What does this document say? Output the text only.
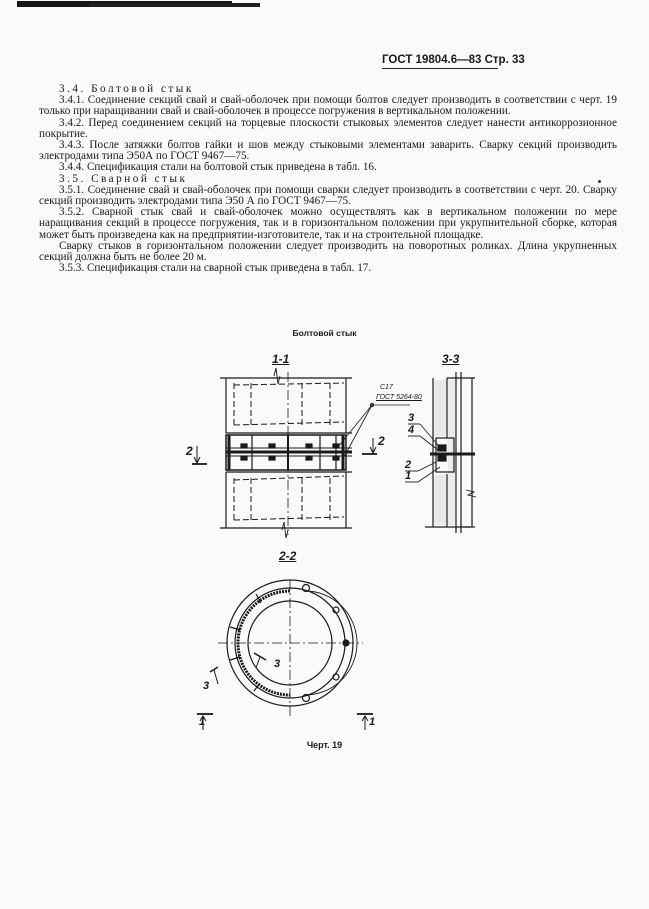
ГОСТ 19804.6—83 Стр. 33

3.4. Болтовой стык

3.4.1. Соединение секций свай и свай-оболочек при помощи болтов следует производить в соответствии с черт. 19 только при наращивании свай и свай-оболочек в процессе погружения в вертикальном положении.

3.4.2. Перед соединением секций на торцевые плоскости стыковых элементов следует нанести антикоррозионное покрытие.

3.4.3. После затяжки болтов гайки и шов между стыковыми элементами заварить. Сварку секций производить электродами типа Э50А по ГОСТ 9467—75.

3.4.4. Спецификация стали на болтовой стык приведена в табл. 16.

3.5. Сварной стык

3.5.1. Соединение свай и свай-оболочек при помощи сварки следует производить в соответствии с черт. 20. Сварку секций производить электродами типа Э50 А по ГОСТ 9467—75.

3.5.2. Сварной стык свай и свай-оболочек можно осуществлять как в вертикальном положении по мере наращивания секций в процессе погружения, так и в горизонтальном положении при укрупнительной сборке, которая может быть произведена как на предприятии-изготовителе, так и на строительной площадке.

Сварку стыков в горизонтальном положении следует производить на поворотных роликах. Длина укрупненных секций должна быть не более 20 м.

3.5.3. Спецификация стали на сварной стык приведена в табл. 17.

Болтовой стык
1-1	3-3
2
2
С17
ГОСТ 5264-80
3
4
2
1
2-2
3
3
1	1
Черт. 19
